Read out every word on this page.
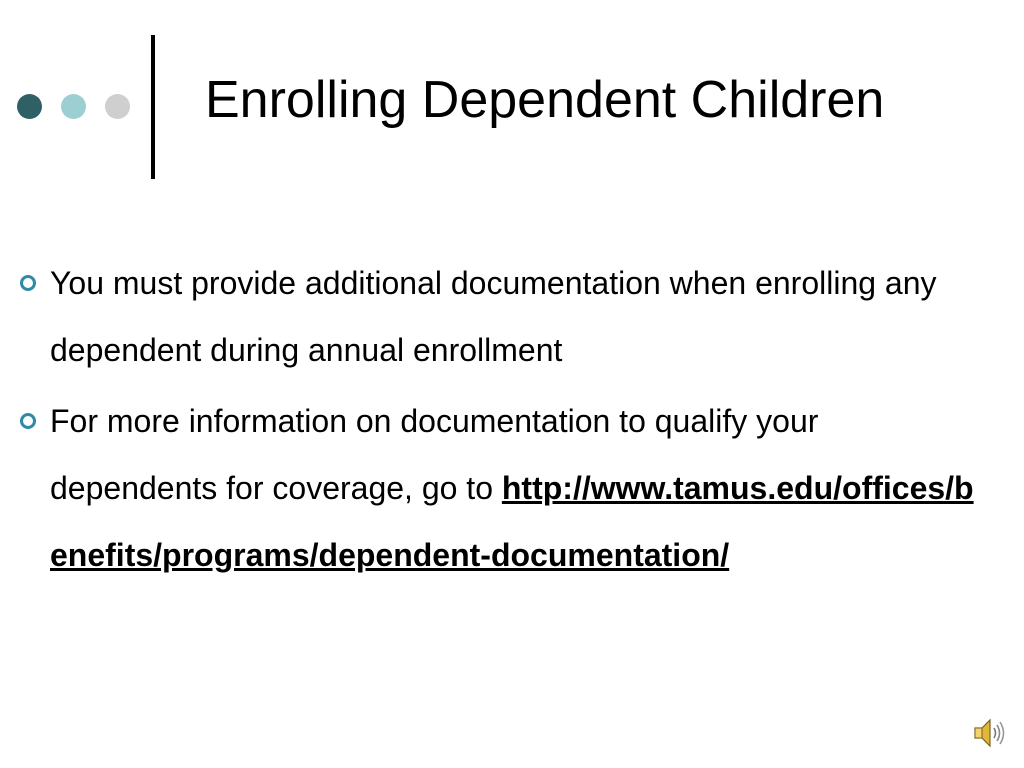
Enrolling Dependent Children
You must provide additional documentation when enrolling any dependent during annual enrollment
For more information on documentation to qualify your dependents for coverage, go to http://www.tamus.edu/offices/benefits/programs/dependent-documentation/
